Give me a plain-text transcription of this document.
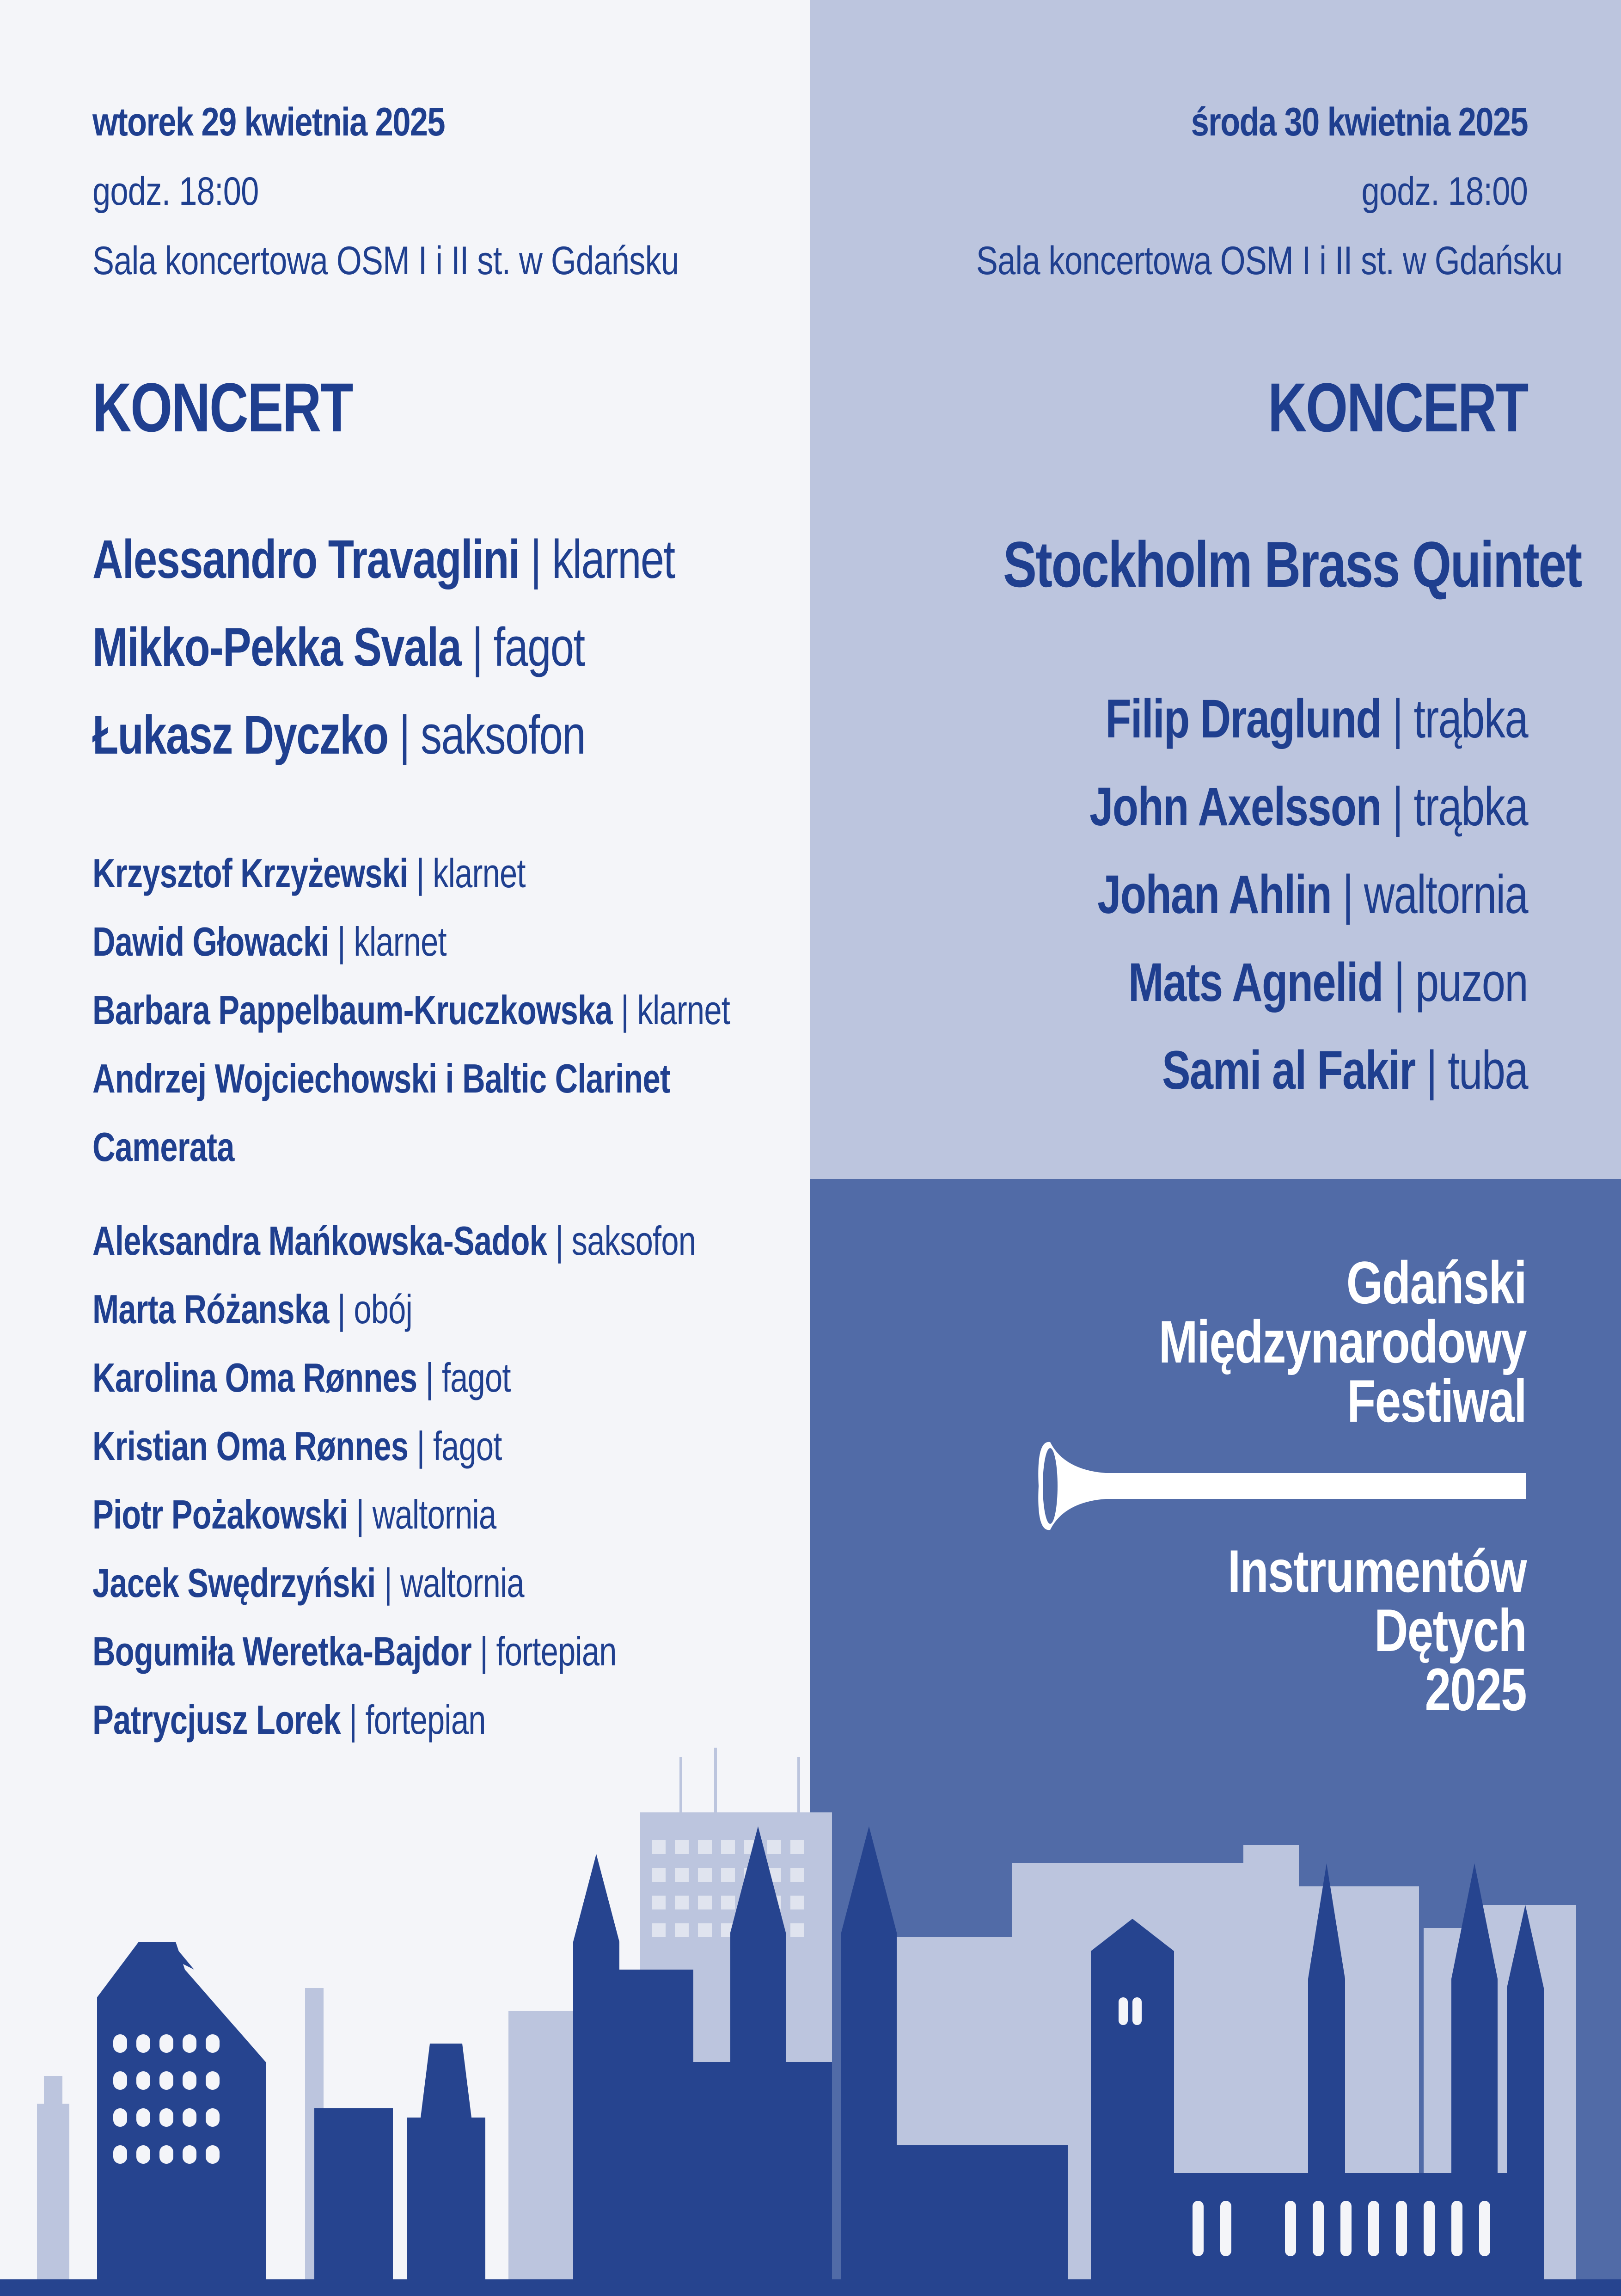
wtorek 29 kwietnia 2025
godz. 18:00
Sala koncertowa OSM I i II st. w Gdańsku
KONCERT
Alessandro Travaglini | klarnet
Mikko-Pekka Svala | fagot
Łukasz Dyczko | saksofon
Krzysztof Krzyżewski | klarnet
Dawid Głowacki | klarnet
Barbara Pappelbaum-Kruczkowska | klarnet
Andrzej Wojciechowski i Baltic Clarinet
Camerata
Aleksandra Mańkowska-Sadok | saksofon
Marta Różanska | obój
Karolina Oma Rønnes | fagot
Kristian Oma Rønnes | fagot
Piotr Pożakowski | waltornia
Jacek Swędrzyński | waltornia
Bogumiła Weretka-Bajdor | fortepian
Patrycjusz Lorek | fortepian
środa 30 kwietnia 2025
godz. 18:00
Sala koncertowa OSM I i II st. w Gdańsku
KONCERT
Stockholm Brass Quintet
Filip Draglund | trąbka
John Axelsson | trąbka
Johan Ahlin | waltornia
Mats Agnelid | puzon
Sami al Fakir | tuba
Gdański
Międzynarodowy
Festiwal
Instrumentów
Dętych
2025
